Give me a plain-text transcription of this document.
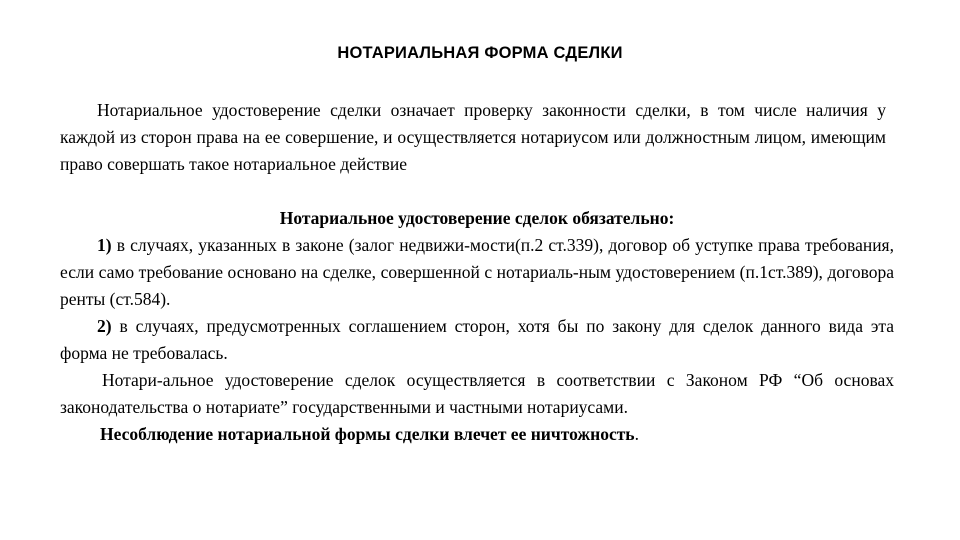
НОТАРИАЛЬНАЯ ФОРМА СДЕЛКИ

Нотариальное удостоверение сделки означает проверку законности сделки, в том числе наличия у каждой из сторон права на ее совершение, и осуществляется нотариусом или должностным лицом, имеющим право совершать такое нотариальное действие

Нотариальное удостоверение сделок обязательно:

1) в случаях, указанных в законе (залог недвижи-мости(п.2 ст.339), договор об уступке права требования, если само требование основано на сделке, совершенной с нотариаль-ным удостоверением (п.1ст.389), договора ренты (ст.584).

2) в случаях, предусмотренных соглашением сторон, хотя бы по закону для сделок данного вида эта форма не требовалась.

Нотари-альное удостоверение сделок осуществляется в соответствии с Законом РФ “Об основах законодательства о нотариате” государственными и частными нотариусами.

Несоблюдение нотариальной формы сделки влечет ее ничтожность.
